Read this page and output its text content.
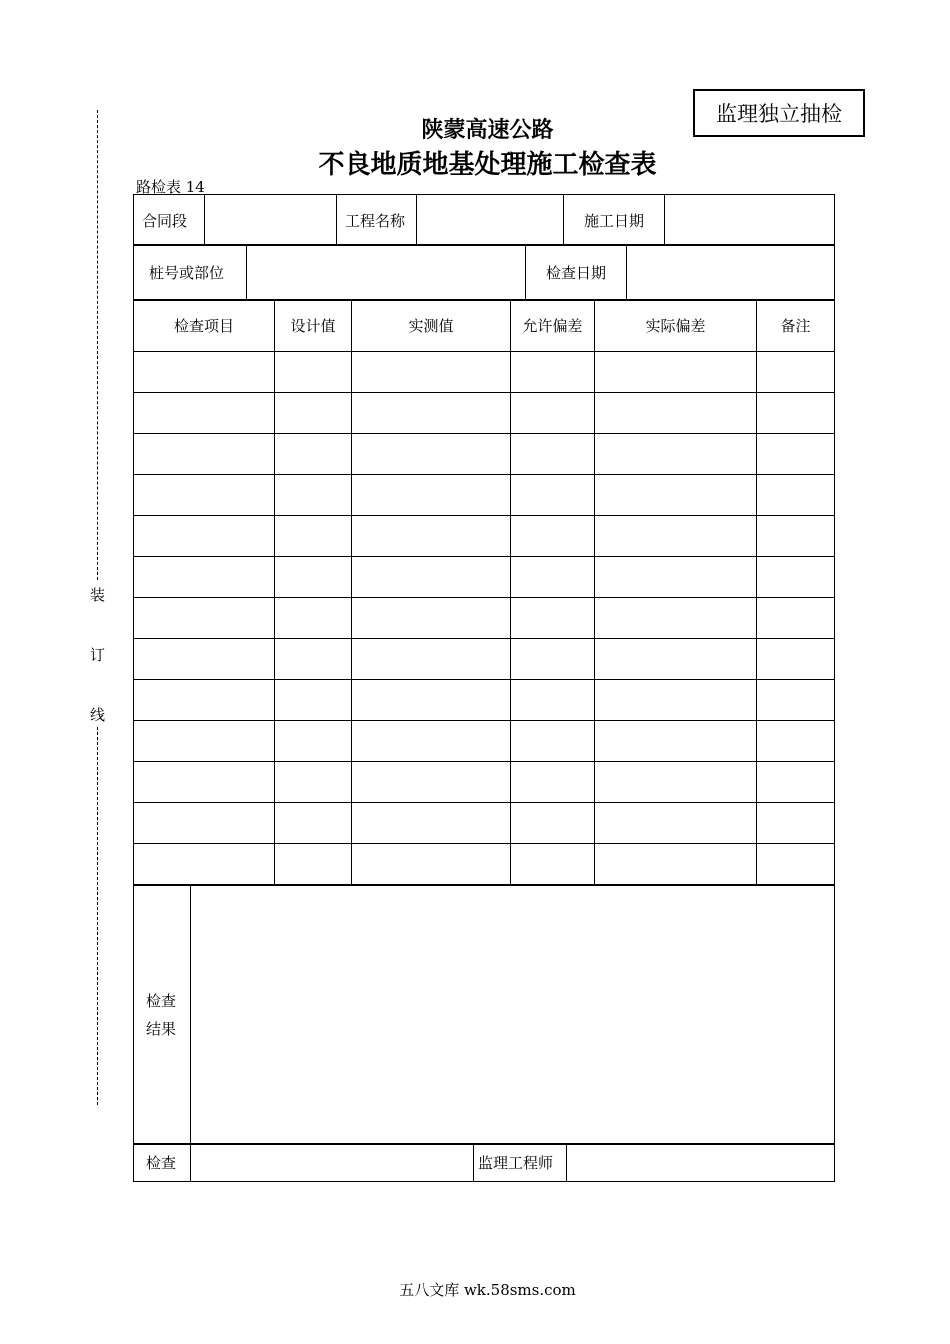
装
订
线
监理独立抽检
陕蒙高速公路
不良地质地基处理施工检查表
路检表 14
合同段		工程名称		施工日期	
桩号或部位		检查日期	
检查项目	设计值	实测值	允许偏差	实际偏差	备注

检查
结果

检查		监理工程师	
五八文库 wk.58sms.com
